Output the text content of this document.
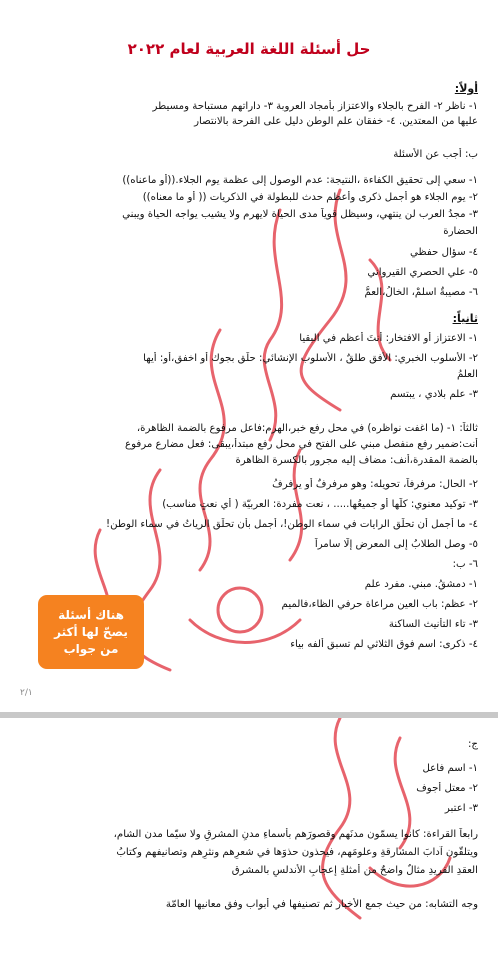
حل أسئلة اللغة العربية لعام ٢٠٢٢
أولاً:
١- ناظر ٢- الفرح بالجلاء والاعتزاز بأمجاد العروبة ٣- داراتهم مستباحة ومسيطر
عليها من المعتدين. ٤- خفقان علم الوطن دليل على الفرحة بالانتصار
ب: أجب عن الأسئلة
١- سعي إلى تحقيق الكفاءة ،النتيجة: عدم الوصول إلى عظمة يوم الجلاء.((أو ماعناه))
٢- يوم الجلاء هو أجمل ذكرى وأعظم حدث للبطولة في الذكريات (( أو ما معناه))
٣- مجدُ العرب لن ينتهي، وسيظل قوياً مدى الحياة لايهرم ولا يشيب يواجه الحياة ويبني
الحضارة
٤- سؤال حفظي
٥- علي الحصري القيرواني
٦- مصيبةٌ اسلمْ، الخالُ،العمُّ
ثانياً:
١- الاعتزاز أو الافتخار: أنتَ أعظم في البقيا
٢- الأسلوب الخبري: الأفق طلقٌ ، الأسلوب الإنشائي: حلِّق بجوك أو اخفق،أو: أيها
العلمُ
٣- علم بلادي ، يبتسم
ثالثاً: ١- (ما اغفت نواظره) في محل رفع خبر،الهرم:فاعل مرفوع بالضمة الظاهرة،
أنت:ضمير رفع منفصل مبني على الفتح في محل رفع مبتدأ،يبقى: فعل مضارع مرفوع
بالضمة المقدرة،أنف: مضاف إليه مجرور بالكسرة الظاهرة
٢- الحال: مرفرفاً، تحويله: وهو مرفرفٌ أو يرفرفُ
٣- توكيد معنوي: كلُّها أو جميعُها..... ، نعت مفردة: العربيّة ( أي نعتٍ مناسب)
٤- ما أجمل أن تحلِّق الرايات في سماء الوطن!، أجمل بأن تحلِّق الرياتُ في سماء الوطن!
٥- وصل الطلابُ إلى المعرض إلّا سامراً
٦- ب:
١- دمشقُ. مبني. مفرد علم
٢- عظم: باب العين مراعاة حرفي الظاء،فالميم
٣- تاء التأنيث الساكنة
٤- ذكرى: اسم فوق الثلاثي لم تسبق ألفه بياء
هناك أسئلة
يصحّ لها أكثر
من جواب
٢/١
ج:
١- اسم فاعل
٢- معتل أجوف
٣- اعتبر
رابعاً القراءة: كانوا يسمّون مدنَهم وقصورَهم بأسماءِ مدنِ المشرقِ ولا سيّما مدن الشام،
ويتلقّون آدابَ المشارقةِ وعلومَهم، فيحذون حذوَها في شعرِهم ونثرِهم وتصانيفهم وكتابُ
العقدِ الفريدِ مثالٌ واضحٌ من أمثلةِ إعجابِ الأندلسِ بالمشرق
وجه التشابه: من حيث جمع الأخبار ثم تصنيفها في أبواب وفق معانيها العامّة
